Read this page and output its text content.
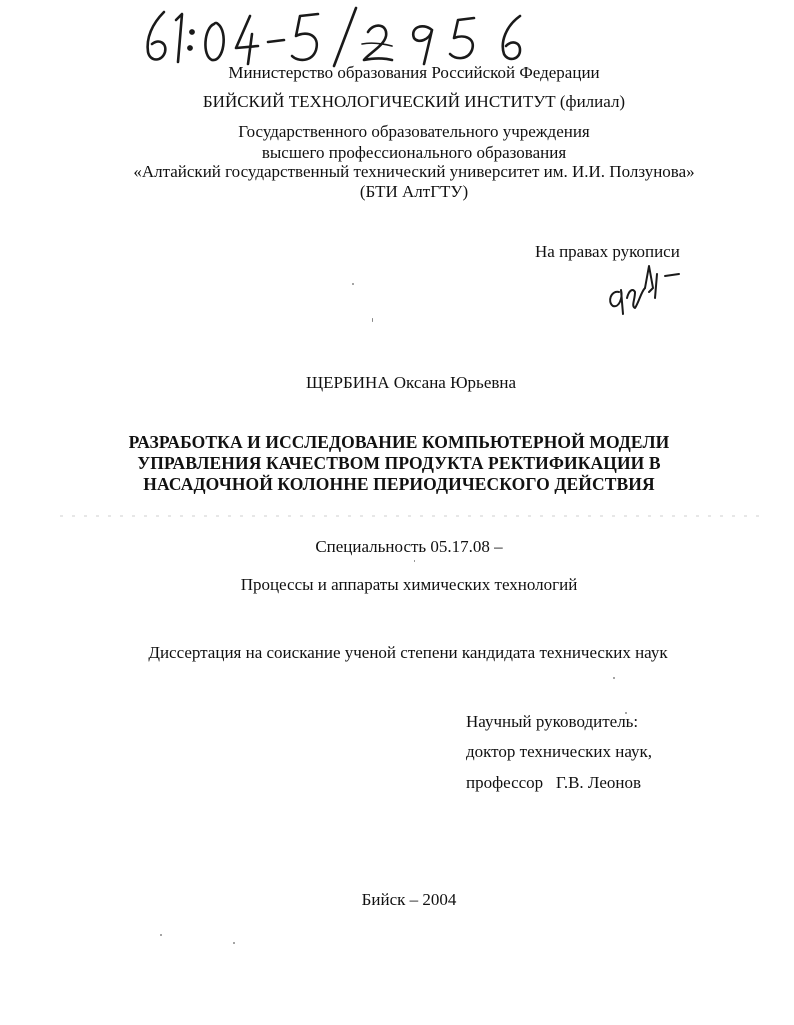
Министерство образования Российской Федерации
БИЙСКИЙ ТЕХНОЛОГИЧЕСКИЙ ИНСТИТУТ (филиал)
Государственного образовательного учреждения
высшего профессионального образования
«Алтайский государственный технический университет им. И.И. Ползунова»
(БТИ АлтГТУ)
На правах рукописи
ЩЕРБИНА Оксана Юрьевна
РАЗРАБОТКА И ИССЛЕДОВАНИЕ КОМПЬЮТЕРНОЙ МОДЕЛИ
УПРАВЛЕНИЯ КАЧЕСТВОМ ПРОДУКТА РЕКТИФИКАЦИИ В
НАСАДОЧНОЙ КОЛОННЕ ПЕРИОДИЧЕСКОГО ДЕЙСТВИЯ
Специальность 05.17.08 –
Процессы и аппараты химических технологий
Диссертация на соискание ученой степени кандидата технических наук
Научный руководитель:
доктор технических наук,
профессор   Г.В. Леонов
Бийск – 2004
